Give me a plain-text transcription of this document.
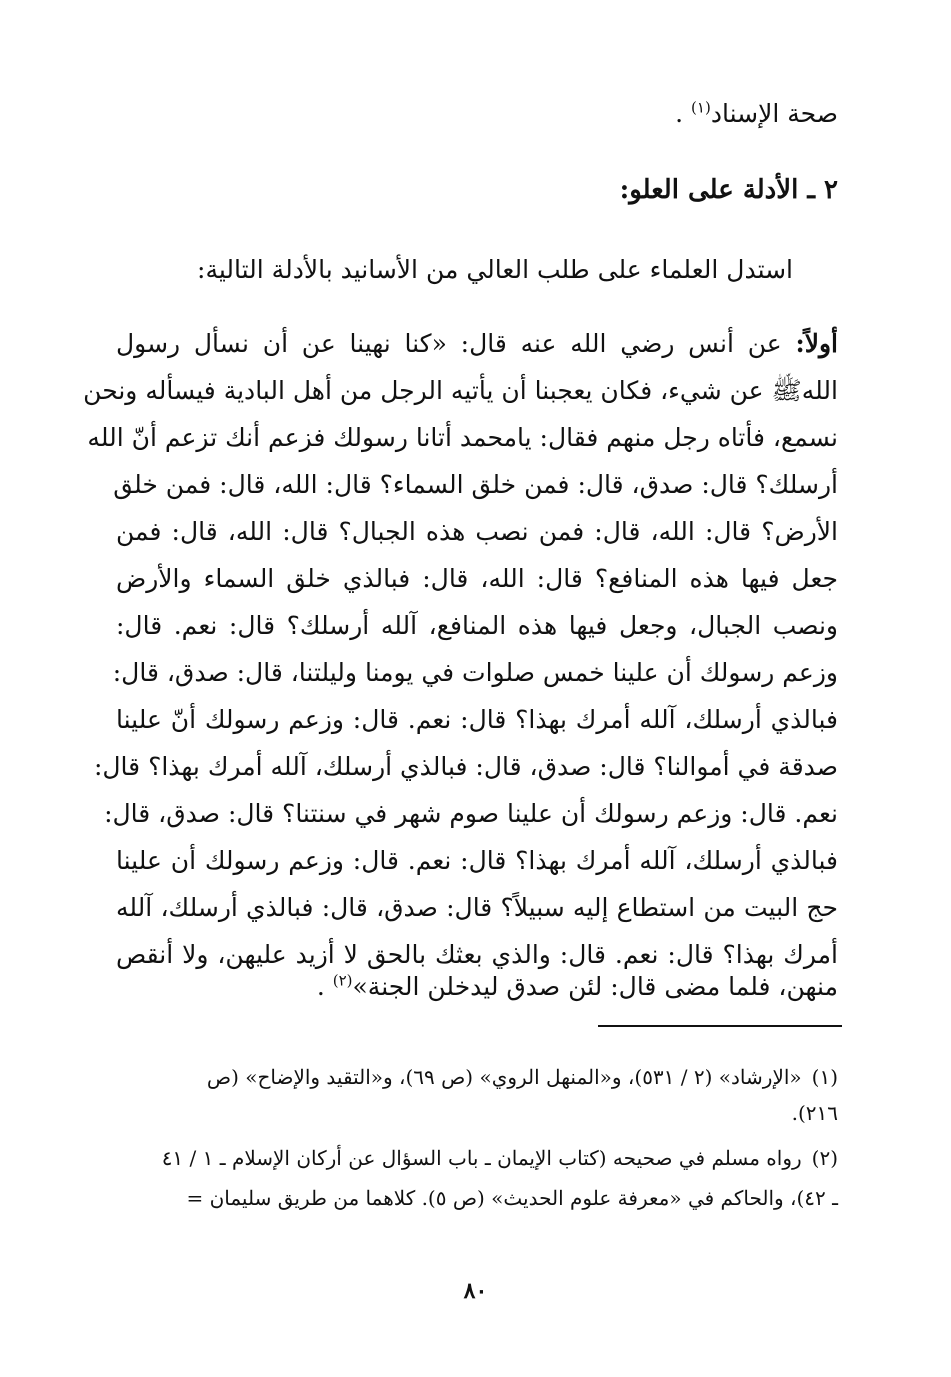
صحة الإسناد$^{(١)}$ .
٢ ـ الأدلة على العلو:
استدل العلماء على طلب العالي من الأسانيد بالأدلة التالية:
أولاً: عن أنس رضي الله عنه قال: «كنا نهينا عن أن نسأل رسول
اللهﷺ عن شيء، فكان يعجبنا أن يأتيه الرجل من أهل البادية فيسأله ونحن
نسمع، فأتاه رجل منهم فقال: يامحمد أتانا رسولك فزعم أنك تزعم أنّ الله
أرسلك؟ قال: صدق، قال: فمن خلق السماء؟ قال: الله، قال: فمن خلق
الأرض؟ قال: الله، قال: فمن نصب هذه الجبال؟ قال: الله، قال: فمن
جعل فيها هذه المنافع؟ قال: الله، قال: فبالذي خلق السماء والأرض
ونصب الجبال، وجعل فيها هذه المنافع، آلله أرسلك؟ قال: نعم. قال:
وزعم رسولك أن علينا خمس صلوات في يومنا وليلتنا، قال: صدق، قال:
فبالذي أرسلك، آلله أمرك بهذا؟ قال: نعم. قال: وزعم رسولك أنّ علينا
صدقة في أموالنا؟ قال: صدق، قال: فبالذي أرسلك، آلله أمرك بهذا؟ قال:
نعم. قال: وزعم رسولك أن علينا صوم شهر في سنتنا؟ قال: صدق، قال:
فبالذي أرسلك، آلله أمرك بهذا؟ قال: نعم. قال: وزعم رسولك أن علينا
حج البيت من استطاع إليه سبيلاً؟ قال: صدق، قال: فبالذي أرسلك، آلله
أمرك بهذا؟ قال: نعم. قال: والذي بعثك بالحق لا أزيد عليهن، ولا أنقص
منهن، فلما مضى قال: لئن صدق ليدخلن الجنة»$^{(٢)}$ .
(١) «الإرشاد» (٢ / ٥٣١)، و«المنهل الروي» (ص ٦٩)، و«التقيد والإضاح» (ص
٢١٦).
(٢) رواه مسلم في صحيحه (كتاب الإيمان ـ باب السؤال عن أركان الإسلام ـ ١ / ٤١
ـ ٤٢)، والحاكم في «معرفة علوم الحديث» (ص ٥). كلاهما من طريق سليمان =
٨٠
